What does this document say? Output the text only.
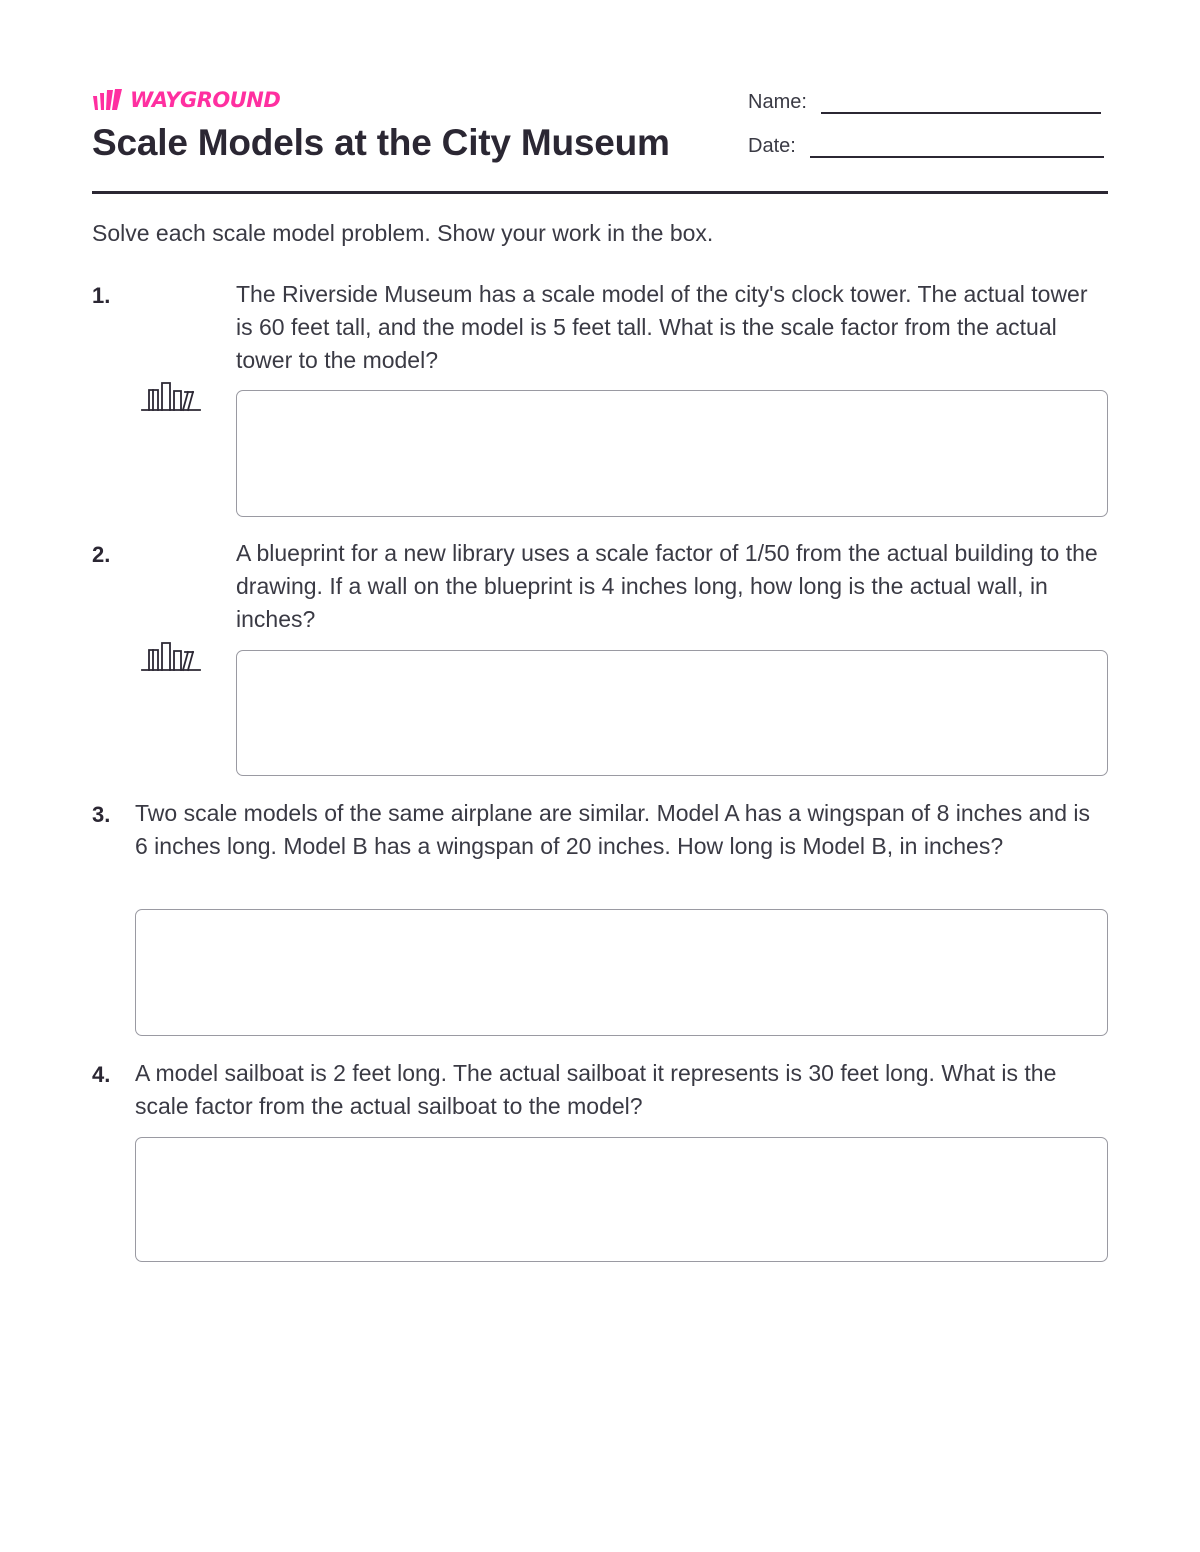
WAYGROUND
Scale Models at the City Museum
Name:
Date:
Solve each scale model problem. Show your work in the box.
1.	The Riverside Museum has a scale model of the city's clock tower. The actual tower is 60 feet tall, and the model is 5 feet tall. What is the scale factor from the actual tower to the model?
2.	A blueprint for a new library uses a scale factor of 1/50 from the actual building to the drawing. If a wall on the blueprint is 4 inches long, how long is the actual wall, in inches?
3. Two scale models of the same airplane are similar. Model A has a wingspan of 8 inches and is 6 inches long. Model B has a wingspan of 20 inches. How long is Model B, in inches?
4. A model sailboat is 2 feet long. The actual sailboat it represents is 30 feet long. What is the scale factor from the actual sailboat to the model?
